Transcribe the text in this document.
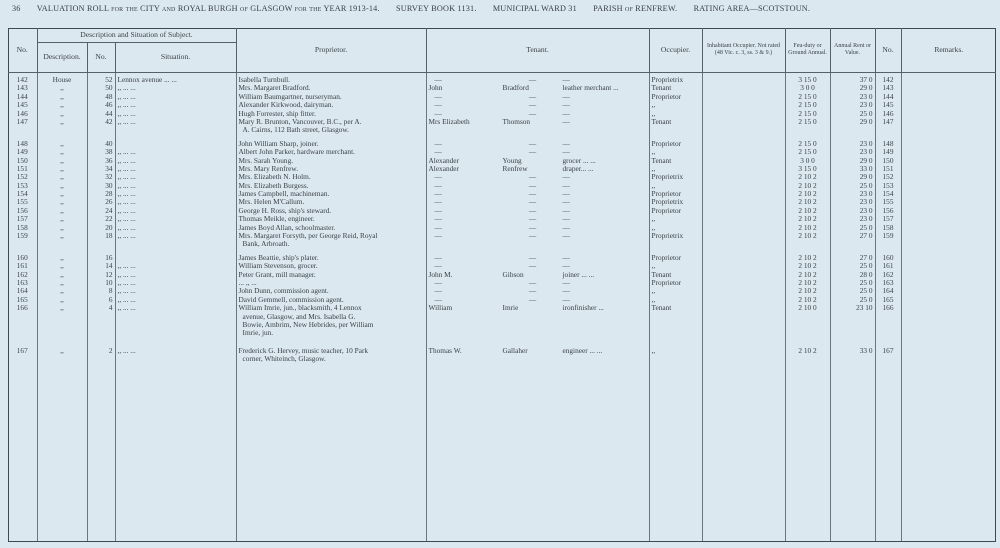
36 VALUATION ROLL for the CITY and ROYAL BURGH of GLASGOW for the YEAR 1913-14. SURVEY BOOK 1131. MUNICIPAL WARD 31 PARISH of RENFREW. RATING AREA—SCOTSTOUN.
No.	Description and Situation of Subject.			Proprietor.	Tenant.	Occupier.	Inhabitant Occupier. Not rated (48 Vic. c. 3, ss. 3 & 9.)	Feu-duty or Ground Annual.	Annual Rent or Value.	No.	Remarks.
	Description.	No.	Situation.								

142	House	52	Lennox avenue ... ...	Isabella Turnbull.	— — —	Proprietrix		3 15 0	37 0	142	
143	,,	50	,, ... ...	Mrs. Margaret Bradford.	John Bradford leather merchant ...	Tenant		3 0 0	29 0	143	
144	,,	48	,, ... ...	William Baumgartner, nurseryman.	— — —	Proprietor		2 15 0	23 0	144	
145	,,	46	,, ... ...	Alexander Kirkwood, dairyman.	— — —	,,		2 15 0	23 0	145	
146	,,	44	,, ... ...	Hugh Forrester, ship fitter.	— — —	,,		2 15 0	25 0	146	
147	,,	42	,, ... ...	Mary R. Brunton, Vancouver, B.C., per A.	Mrs Elizabeth Thomson —	Tenant		2 15 0	29 0	147	
				A. Cairns, 112 Bath street, Glasgow.							

148	,,	40		John William Sharp, joiner.	— — —	Proprietor		2 15 0	23 0	148	
149	,,	38	,, ... ...	Albert John Parker, hardware merchant.	— — —	,,		2 15 0	23 0	149	
150	,,	36	,, ... ...	Mrs. Sarah Young.	Alexander Young grocer ... ...	Tenant		3 0 0	29 0	150	
151	,,	34	,, ... ...	Mrs. Mary Renfrew.	Alexander Renfrew draper... ...	,,		3 15 0	33 0	151	
152	,,	32	,, ... ...	Mrs. Elizabeth N. Holm.	— — —	Proprietrix		2 10 2	29 0	152	
153	,,	30	,, ... ...	Mrs. Elizabeth Burgess.	— — —	,,		2 10 2	25 0	153	
154	,,	28	,, ... ...	James Campbell, machineman.	— — —	Proprietor		2 10 2	23 0	154	
155	,,	26	,, ... ...	Mrs. Helen M'Callum.	— — —	Proprietrix		2 10 2	23 0	155	
156	,,	24	,, ... ...	George H. Ross, ship's steward.	— — —	Proprietor		2 10 2	23 0	156	
157	,,	22	,, ... ...	Thomas Meikle, engineer.	— — —	,,		2 10 2	23 0	157	
158	,,	20	,, ... ...	James Boyd Allan, schoolmaster.	— — —	,,		2 10 2	25 0	158	
159	,,	18	,, ... ...	Mrs. Margaret Forsyth, per George Reid, Royal	— — —	Proprietrix		2 10 2	27 0	159	
				Bank, Arbroath.							

160	,,	16		James Beattie, ship's plater.	— — —	Proprietor		2 10 2	27 0	160	
161	,,	14	,, ... ...	William Stevenson, grocer.	— — —	,,		2 10 2	25 0	161	
162	,,	12	,, ... ...	Peter Grant, mill manager.	John M. Gibson joiner ... ...	Tenant		2 10 2	28 0	162	
163	,,	10	,, ... ...	... ,, ...	— — —	Proprietor		2 10 2	25 0	163	
164	,,	8	,, ... ...	John Dunn, commission agent.	— — —	,,		2 10 2	25 0	164	
165	,,	6	,, ... ...	David Gemmell, commission agent.	— — —	,,		2 10 2	25 0	165	
166	,,	4	,, ... ...	William Imrie, jun., blacksmith, 4 Lennox	William Imrie ironfinisher ...	Tenant		2 10 0	23 10	166	
				avenue, Glasgow, and Mrs. Isabella G.							
				Bowie, Ambrim, New Hebrides, per William							
				Imrie, jun.							

167	,,	2	,, ... ...	Frederick G. Hervey, music teacher, 10 Park	Thomas W. Gallaher engineer ... ...	,,		2 10 2	33 0	167	
				corner, Whiteinch, Glasgow.							
